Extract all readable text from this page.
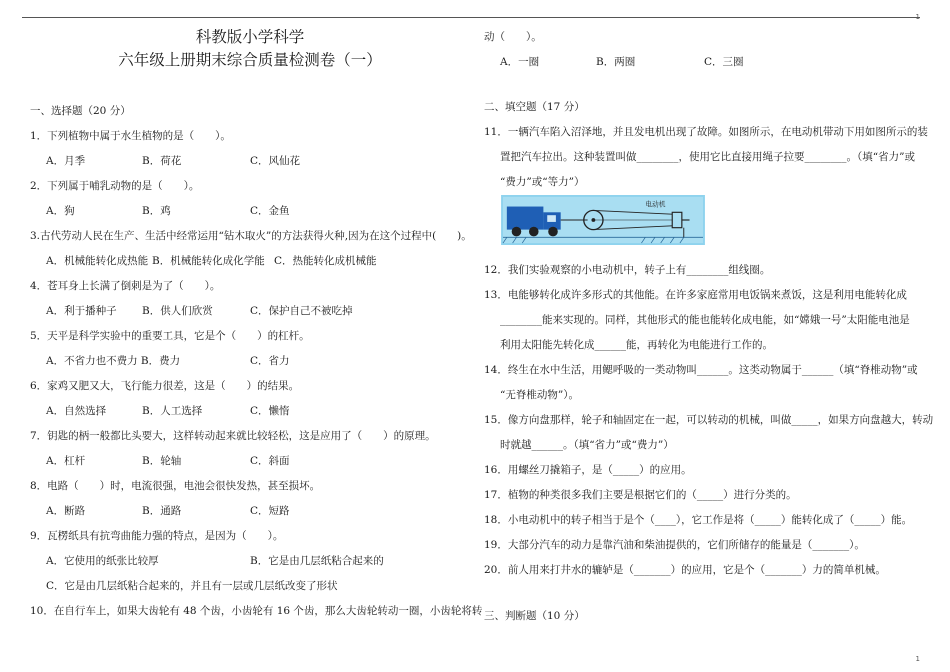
1
1
科教版小学科学
六年级上册期末综合质量检测卷（一）
一、选择题（20 分）
1．下列植物中属于水生植物的是（　　）。
A．月季	B．荷花	C．风仙花
2．下列属于哺乳动物的是（　　）。
A．狗	B．鸡	C．金鱼
3.古代劳动人民在生产、生活中经常运用“钻木取火”的方法获得火种,因为在这个过程中(　　)。
A．机械能转化成热能 B．机械能转化成化学能 C．热能转化成机械能
4．苍耳身上长满了倒刺是为了（　　）。
A．利于播种子	B．供人们欣赏	C．保护自己不被吃掉
5．天平是科学实验中的重要工具，它是个（　　）的杠杆。
A．不省力也不费力 B．费力	C．省力
6．家鸡又肥又大，飞行能力很差，这是（　　）的结果。
A．自然选择	B．人工选择	C．懒惰
7．钥匙的柄一般都比头要大，这样转动起来就比较轻松，这是应用了（　　）的原理。
A．杠杆	B．轮轴	C．斜面
8．电路（　　）时，电流很强，电池会很快发热，甚至损坏。
A．断路	B．通路	C．短路
9．瓦楞纸具有抗弯曲能力强的特点，是因为（　　）。
A．它使用的纸张比较厚	B．它是由几层纸粘合起来的
C．它是由几层纸粘合起来的，并且有一层或几层纸改变了形状
10．在自行车上，如果大齿轮有 48 个齿，小齿轮有 16 个齿，那么大齿轮转动一圈，小齿轮将转
动（　　）。
A．一圈	B．两圈	C．三圈
二、填空题（17 分）
11．一辆汽车陷入沼泽地，并且发电机出现了故障。如图所示，在电动机带动下用如图所示的装
置把汽车拉出。这种装置叫做________，使用它比直接用绳子拉要________。（填“省力”或
“费力”或“等力”）
电动机
12．我们实验观察的小电动机中，转子上有________组线圈。
13．电能够转化成许多形式的其他能。在许多家庭常用电饭锅来煮饭，这是利用电能转化成
________能来实现的。同样，其他形式的能也能转化成电能，如“嫦娥一号”太阳能电池是
利用太阳能先转化成______能，再转化为电能进行工作的。
14．终生在水中生活，用鳃呼吸的一类动物叫______。这类动物属于______（填“脊椎动物”或
“无脊椎动物”）。
15．像方向盘那样，轮子和轴固定在一起，可以转动的机械，叫做_____，如果方向盘越大，转动
时就越______。（填“省力”或“费力”）
16．用螺丝刀撬箱子，是（_____）的应用。
17．植物的种类很多我们主要是根据它们的（_____）进行分类的。
18．小电动机中的转子相当于是个（____），它工作是将（_____）能转化成了（_____）能。
19．大部分汽车的动力是靠汽油和柴油提供的，它们所储存的能量是（_______）。
20．前人用来打井水的辘轳是（_______）的应用，它是个（_______）力的简单机械。
三、判断题（10 分）
